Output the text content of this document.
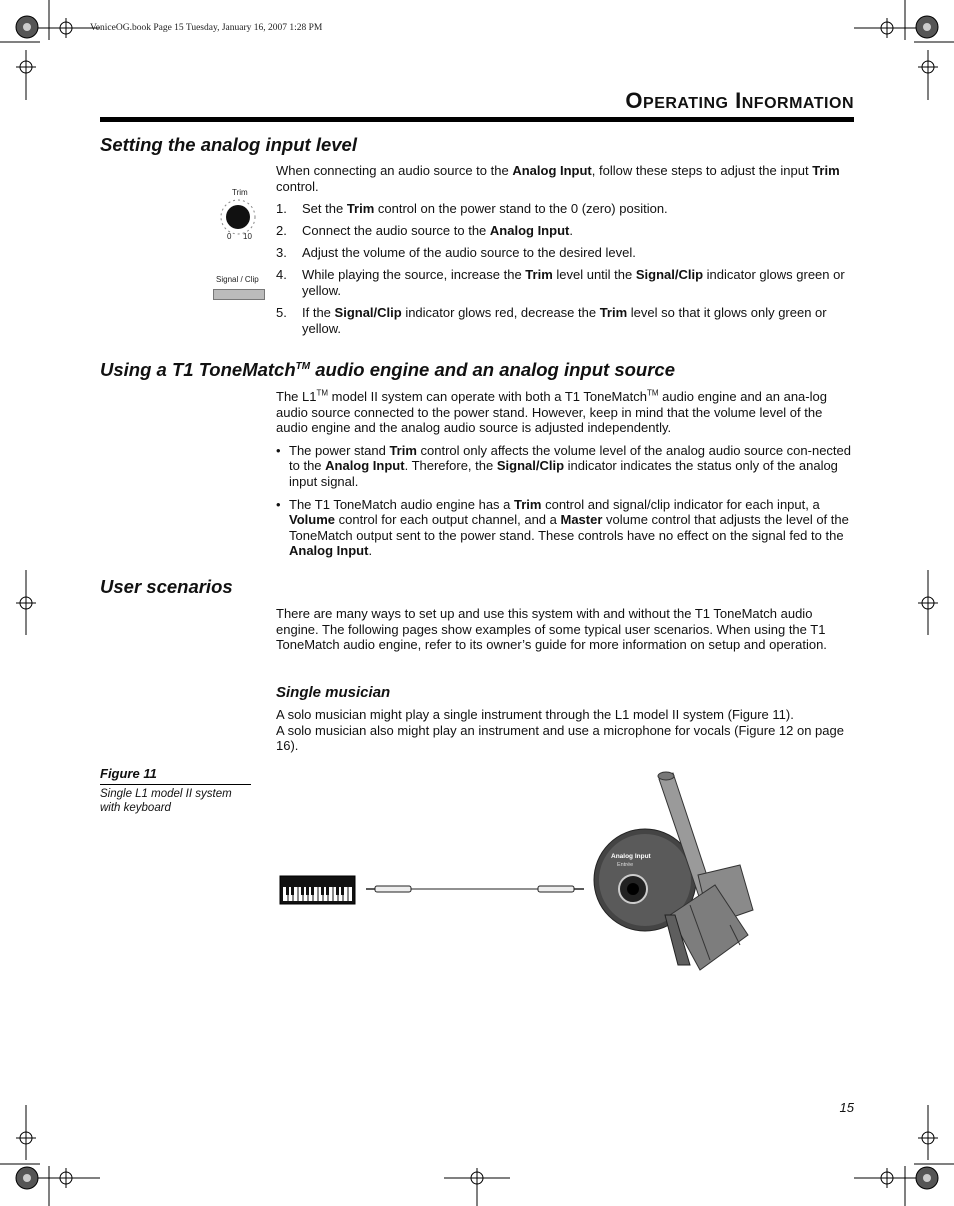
VeniceOG.book Page 15 Tuesday, January 16, 2007 1:28 PM
OPERATING INFORMATION
Setting the analog input level
Trim
0 10
Signal / Clip

When connecting an audio source to the Analog Input, follow these steps to adjust the input Trim control.

1.	Set the Trim control on the power stand to the 0 (zero) position.
2.	Connect the audio source to the Analog Input.
3.	Adjust the volume of the audio source to the desired level.
4.	While playing the source, increase the Trim level until the Signal/Clip indicator glows green or yellow.
5.	If the Signal/Clip indicator glows red, decrease the Trim level so that it glows only green or yellow.
Using a T1 ToneMatch™ audio engine and an analog input source

The L1™ model II system can operate with both a T1 ToneMatch™ audio engine and an ana-log audio source connected to the power stand. However, keep in mind that the volume level of the audio engine and the analog audio source is adjusted independently.

• The power stand Trim control only affects the volume level of the analog audio source con-nected to the Analog Input. Therefore, the Signal/Clip indicator indicates the status only of the analog input signal.
• The T1 ToneMatch audio engine has a Trim control and signal/clip indicator for each input, a Volume control for each output channel, and a Master volume control that adjusts the level of the ToneMatch output sent to the power stand. These controls have no effect on the signal fed to the Analog Input.
User scenarios

There are many ways to set up and use this system with and without the T1 ToneMatch audio engine. The following pages show examples of some typical user scenarios. When using the T1 ToneMatch audio engine, refer to its owner’s guide for more information on setup and operation.

Single musician
A solo musician might play a single instrument through the L1 model II system (Figure 11).
A solo musician also might play an instrument and use a microphone for vocals (Figure 12 on page 16).
Figure 11
Single L1 model II system with keyboard
Analog Input
Entrée
15
